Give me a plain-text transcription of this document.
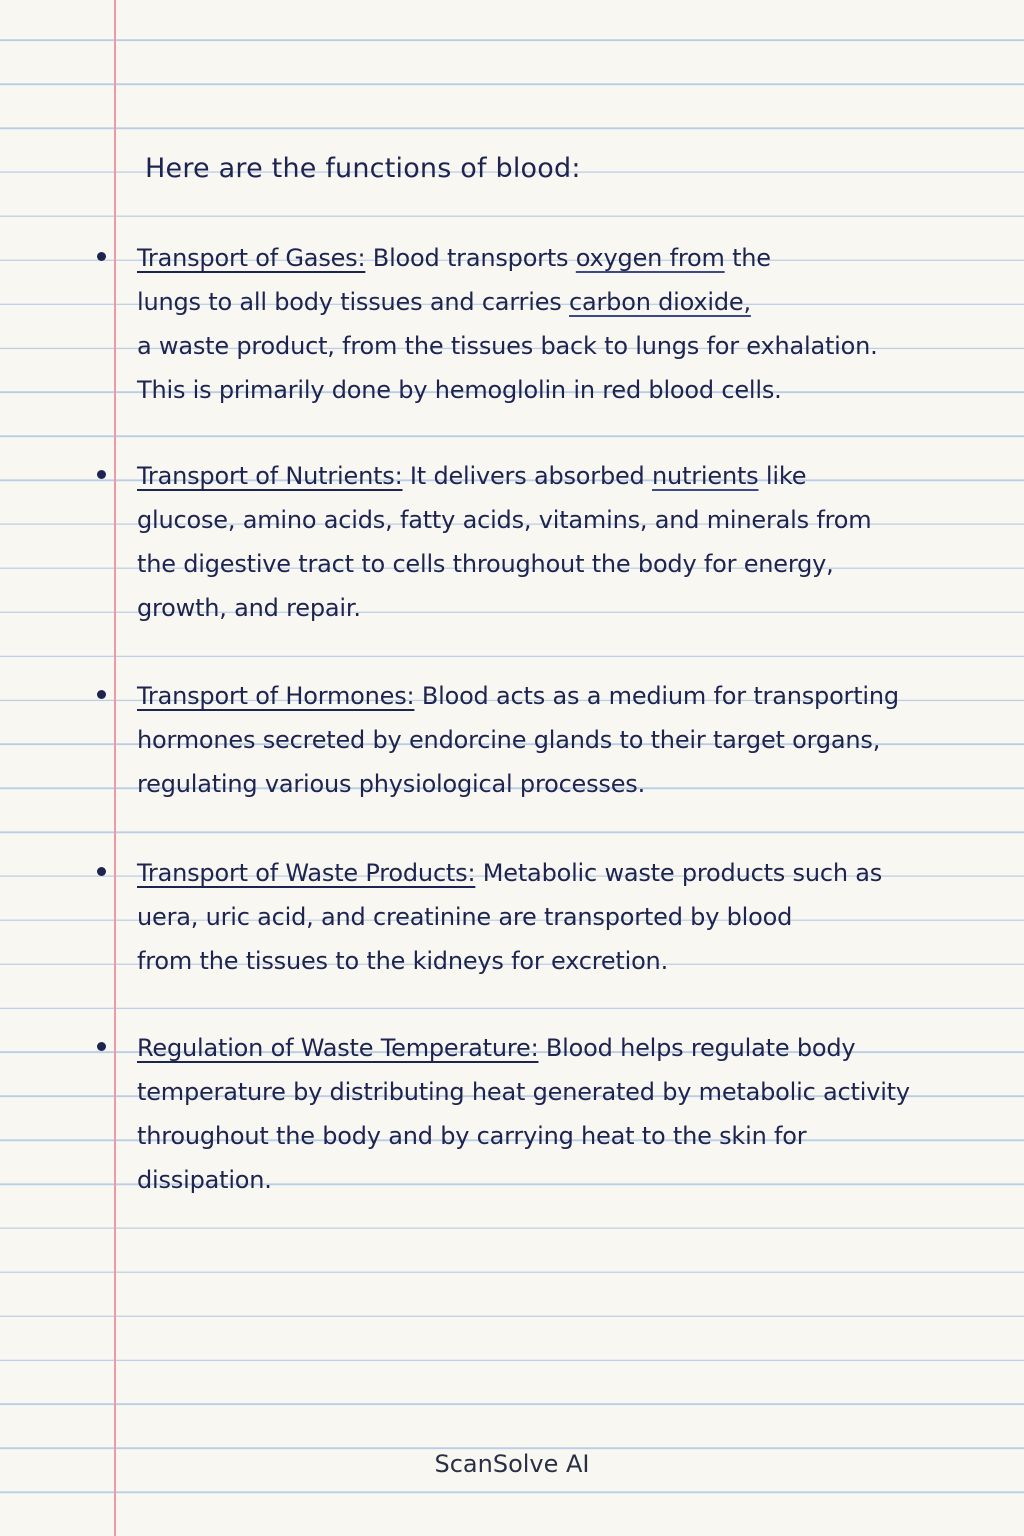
Here are the functions of blood:
Transport of Gases: Blood transports oxygen from the
lungs to all body tissues and carries carbon dioxide,
a waste product, from the tissues back to lungs for exhalation.
This is primarily done by hemoglolin in red blood cells.
Transport of Nutrients: It delivers absorbed nutrients like
glucose, amino acids, fatty acids, vitamins, and minerals from
the digestive tract to cells throughout the body for energy,
growth, and repair.
Transport of Hormones: Blood acts as a medium for transporting
hormones secreted by endorcine glands to their target organs,
regulating various physiological processes.
Transport of Waste Products: Metabolic waste products such as
uera, uric acid, and creatinine are transported by blood
from the tissues to the kidneys for excretion.
Regulation of Waste Temperature: Blood helps regulate body
temperature by distributing heat generated by metabolic activity
throughout the body and by carrying heat to the skin for
dissipation.
ScanSolve AI
